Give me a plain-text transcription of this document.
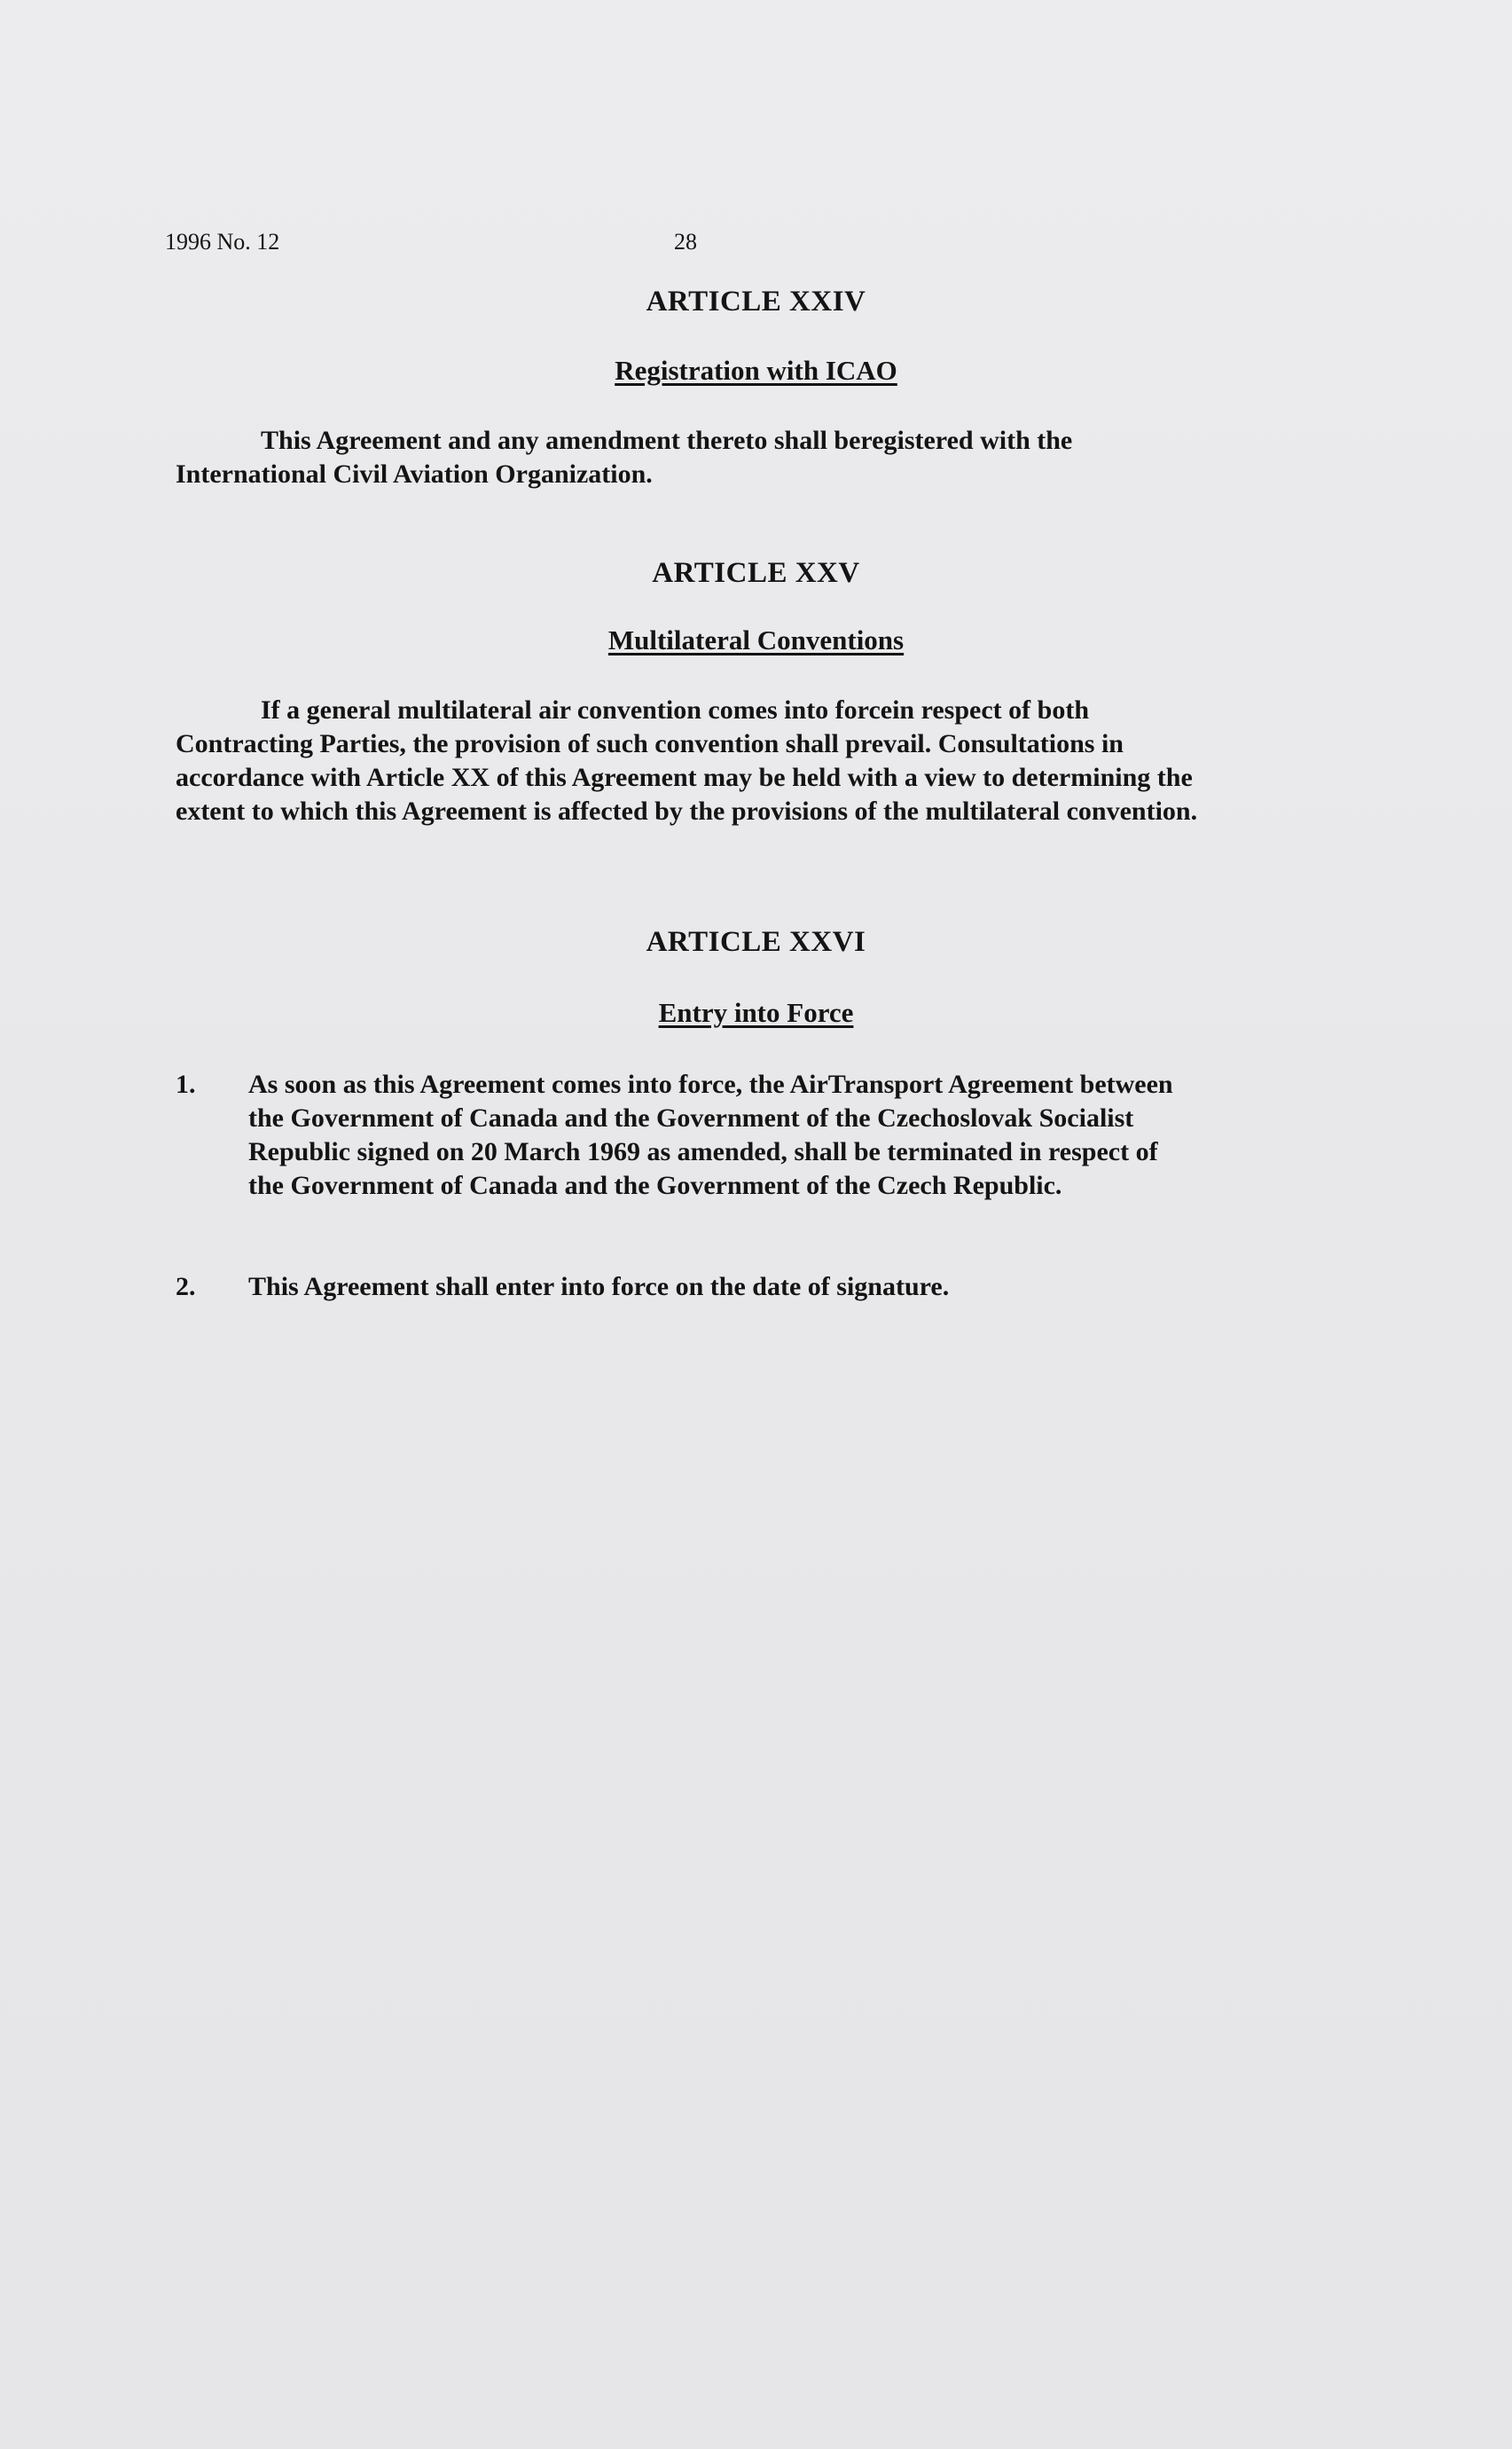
1996 No. 12	28
ARTICLE XXIV
Registration with ICAO

This Agreement and any amendment thereto shall beregistered with the International Civil Aviation Organization.

ARTICLE XXV
Multilateral Conventions

If a general multilateral air convention comes into forcein respect of both Contracting Parties, the provision of such convention shall prevail. Consultations in accordance with Article XX of this Agreement may be held with a view to determining the extent to which this Agreement is affected by the provisions of the multilateral convention.

ARTICLE XXVI
Entry into Force
1. As soon as this Agreement comes into force, the AirTransport Agreement between the Government of Canada and the Government of the Czechoslovak Socialist Republic signed on 20 March 1969 as amended, shall be terminated in respect of the Government of Canada and the Government of the Czech Republic.
2. This Agreement shall enter into force on the date of signature.
